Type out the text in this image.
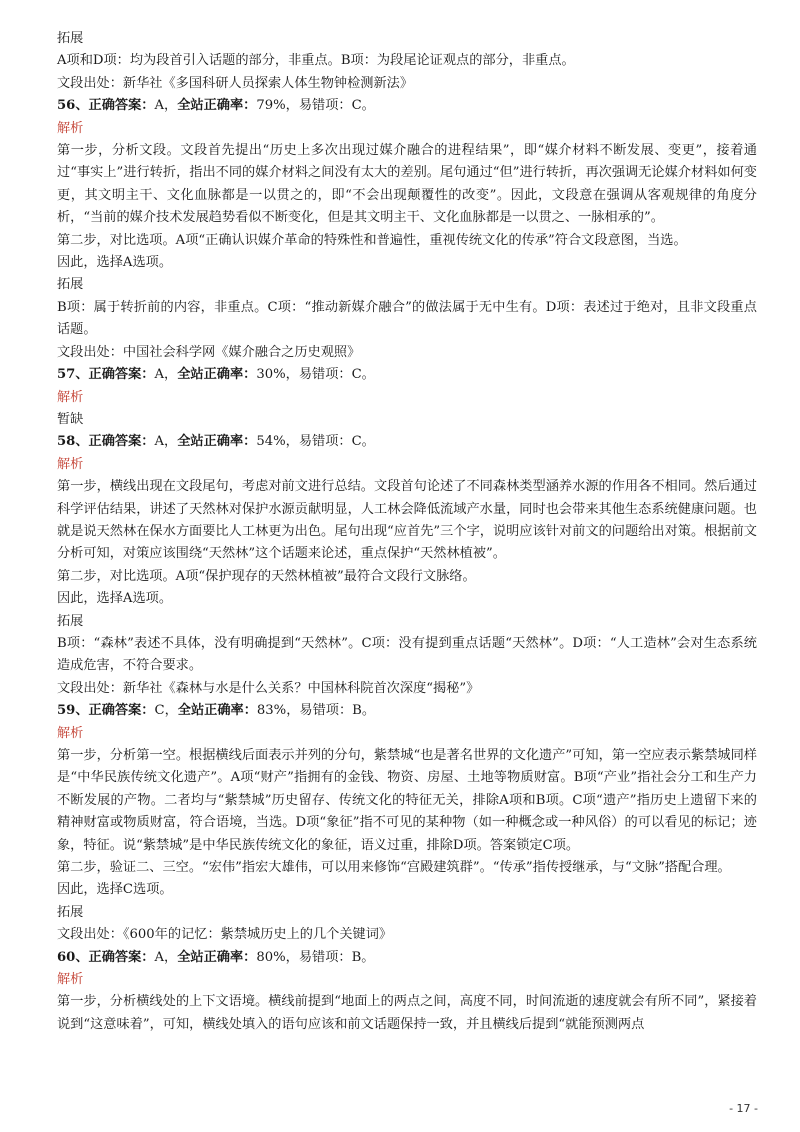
拓展
A项和D项：均为段首引入话题的部分，非重点。B项：为段尾论证观点的部分，非重点。
文段出处：新华社《多国科研人员探索人体生物钟检测新法》
56、正确答案：A，全站正确率：79%，易错项：C。
解析
第一步，分析文段。文段首先提出“历史上多次出现过媒介融合的进程结果”，即“媒介材料不断发展、变更”，接着通过“事实上”进行转折，指出不同的媒介材料之间没有太大的差别。尾句通过“但”进行转折，再次强调无论媒介材料如何变更，其文明主干、文化血脉都是一以贯之的，即“不会出现颠覆性的改变”。因此，文段意在强调从客观规律的角度分析，“当前的媒介技术发展趋势看似不断变化，但是其文明主干、文化血脉都是一以贯之、一脉相承的”。
第二步，对比选项。A项“正确认识媒介革命的特殊性和普遍性，重视传统文化的传承”符合文段意图，当选。
因此，选择A选项。
拓展
B项：属于转折前的内容，非重点。C项：“推动新媒介融合”的做法属于无中生有。D项：表述过于绝对，且非文段重点话题。
文段出处：中国社会科学网《媒介融合之历史观照》
57、正确答案：A，全站正确率：30%，易错项：C。
解析
暂缺
58、正确答案：A，全站正确率：54%，易错项：C。
解析
第一步，横线出现在文段尾句，考虑对前文进行总结。文段首句论述了不同森林类型涵养水源的作用各不相同。然后通过科学评估结果，讲述了天然林对保护水源贡献明显，人工林会降低流域产水量，同时也会带来其他生态系统健康问题。也就是说天然林在保水方面要比人工林更为出色。尾句出现“应首先”三个字，说明应该针对前文的问题给出对策。根据前文分析可知，对策应该围绕“天然林”这个话题来论述，重点保护“天然林植被”。
第二步，对比选项。A项“保护现存的天然林植被”最符合文段行文脉络。
因此，选择A选项。
拓展
B项：“森林”表述不具体，没有明确提到“天然林”。C项：没有提到重点话题“天然林”。D项：“人工造林”会对生态系统造成危害，不符合要求。
文段出处：新华社《森林与水是什么关系？中国林科院首次深度“揭秘”》
59、正确答案：C，全站正确率：83%，易错项：B。
解析
第一步，分析第一空。根据横线后面表示并列的分句，紫禁城“也是著名世界的文化遗产”可知，第一空应表示紫禁城同样是“中华民族传统文化遗产”。A项“财产”指拥有的金钱、物资、房屋、土地等物质财富。B项“产业”指社会分工和生产力不断发展的产物。二者均与“紫禁城”历史留存、传统文化的特征无关，排除A项和B项。C项“遗产”指历史上遗留下来的精神财富或物质财富，符合语境，当选。D项“象征”指不可见的某种物（如一种概念或一种风俗）的可以看见的标记；迹象，特征。说“紫禁城”是中华民族传统文化的象征，语义过重，排除D项。答案锁定C项。
第二步，验证二、三空。“宏伟”指宏大雄伟，可以用来修饰“宫殿建筑群”。“传承”指传授继承，与“文脉”搭配合理。
因此，选择C选项。
拓展
文段出处：《600年的记忆：紫禁城历史上的几个关键词》
60、正确答案：A，全站正确率：80%，易错项：B。
解析
第一步，分析横线处的上下文语境。横线前提到“地面上的两点之间，高度不同，时间流逝的速度就会有所不同”，紧接着说到“这意味着”，可知，横线处填入的语句应该和前文话题保持一致，并且横线后提到“就能预测两点
- 17 -
